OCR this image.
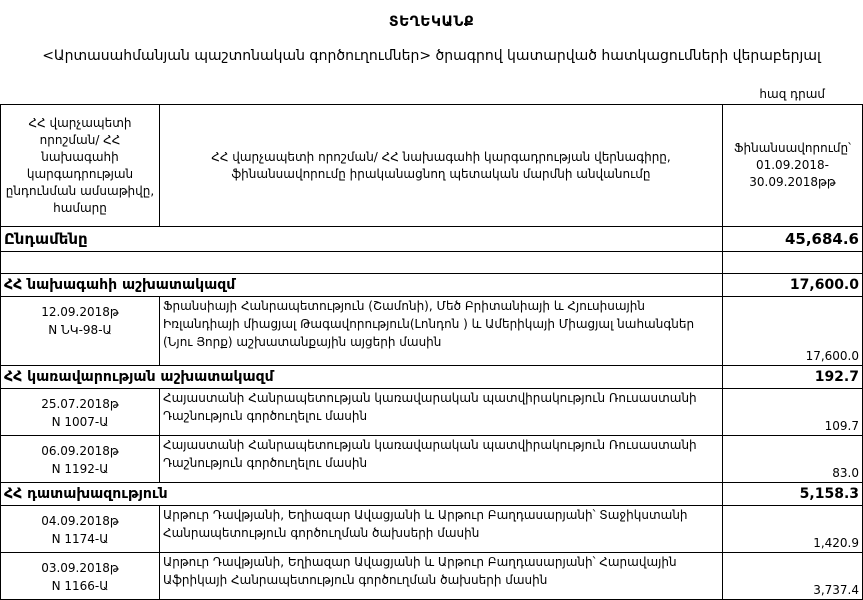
ՏԵՂԵԿԱՆՔ
<Արտասահմանյան պաշտոնական գործուղումներ> ծրագրով կատարված հատկացումների վերաբերյալ
հազ դրամ
ՀՀ վարչապետի որոշման/ ՀՀ նախագահի կարգադրության ընդունման ամսաթիվը, համարը	ՀՀ վարչապետի որոշման/ ՀՀ նախագահի կարգադրության վերնագիրը, ֆինանսավորումը իրականացնող պետական մարմնի անվանումը	Ֆինանսավորումը՝ 01.09.2018- 30.09.2018թթ
Ընդամենը		45,684.6

ՀՀ նախագահի աշխատակազմ		17,600.0
12.09.2018թ
N ՆԿ-98-Ա	Ֆրանսիայի Հանրապետություն (Շամոնի), Մեծ Բրիտանիայի և Հյուսիսային Իռլանդիայի միացյալ Թագավորություն(Լոնդոն ) և Ամերիկայի Միացյալ նահանգներ (Նյու Յորք) աշխատանքային այցերի մասին	17,600.0
ՀՀ կառավարության աշխատակազմ		192.7
25.07.2018թ
N 1007-Ա	Հայաստանի Հանրապետության կառավարական պատվիրակություն Ռուսաստանի Դաշնություն գործուղելու մասին	109.7
06.09.2018թ
N 1192-Ա	Հայաստանի Հանրապետության կառավարական պատվիրակություն Ռուսաստանի Դաշնություն գործուղելու մասին	83.0
ՀՀ դատախազություն		5,158.3
04.09.2018թ
N 1174-Ա	Արթուր Դավթյանի, Եղիազար Ավացյանի և Արթուր Բաղդասարյանի՝ Տաջիկստանի Հանրապետություն գործուղման ծախսերի մասին	1,420.9
03.09.2018թ
N 1166-Ա	Արթուր Դավթյանի, Եղիազար Ավացյանի և Արթուր Բաղդասարյանի՝ Հարավային Աֆրիկայի Հանրապետություն գործուղման ծախսերի մասին	3,737.4
